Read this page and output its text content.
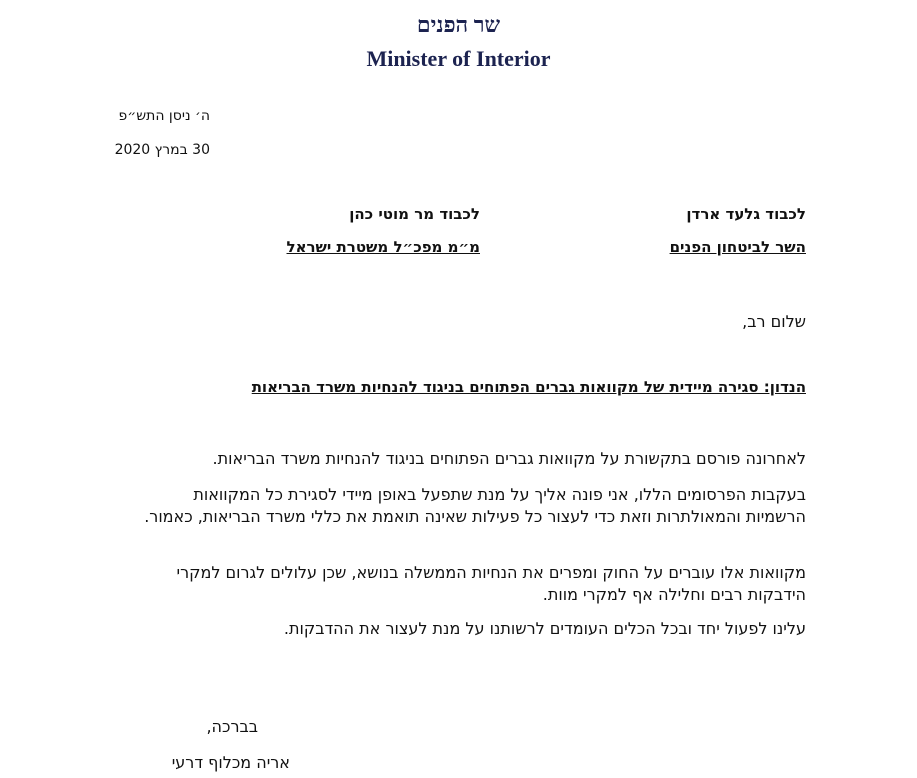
שר הפנים
Minister of Interior
ה׳ ניסן התש״פ
30 במרץ 2020
לכבוד גלעד ארדן
השר לביטחון הפנים
לכבוד מר מוטי כהן
מ״מ מפכ״ל משטרת ישראל
שלום רב,
הנדון: סגירה מיידית של מקוואות גברים הפתוחים בניגוד להנחיות משרד הבריאות
לאחרונה פורסם בתקשורת על מקוואות גברים הפתוחים בניגוד להנחיות משרד הבריאות.
בעקבות הפרסומים הללו, אני פונה אליך על מנת שתפעל באופן מיידי לסגירת כל המקוואות הרשמיות והמאולתרות וזאת כדי לעצור כל פעילות שאינה תואמת את כללי משרד הבריאות, כאמור.
מקוואות אלו עוברים על החוק ומפרים את הנחיות הממשלה בנושא, שכן עלולים לגרום למקרי הידבקות רבים וחלילה אף למקרי מוות.
עלינו לפעול יחד ובכל הכלים העומדים לרשותנו על מנת לעצור את ההדבקות.
בברכה,
אריה מכלוף דרעי
